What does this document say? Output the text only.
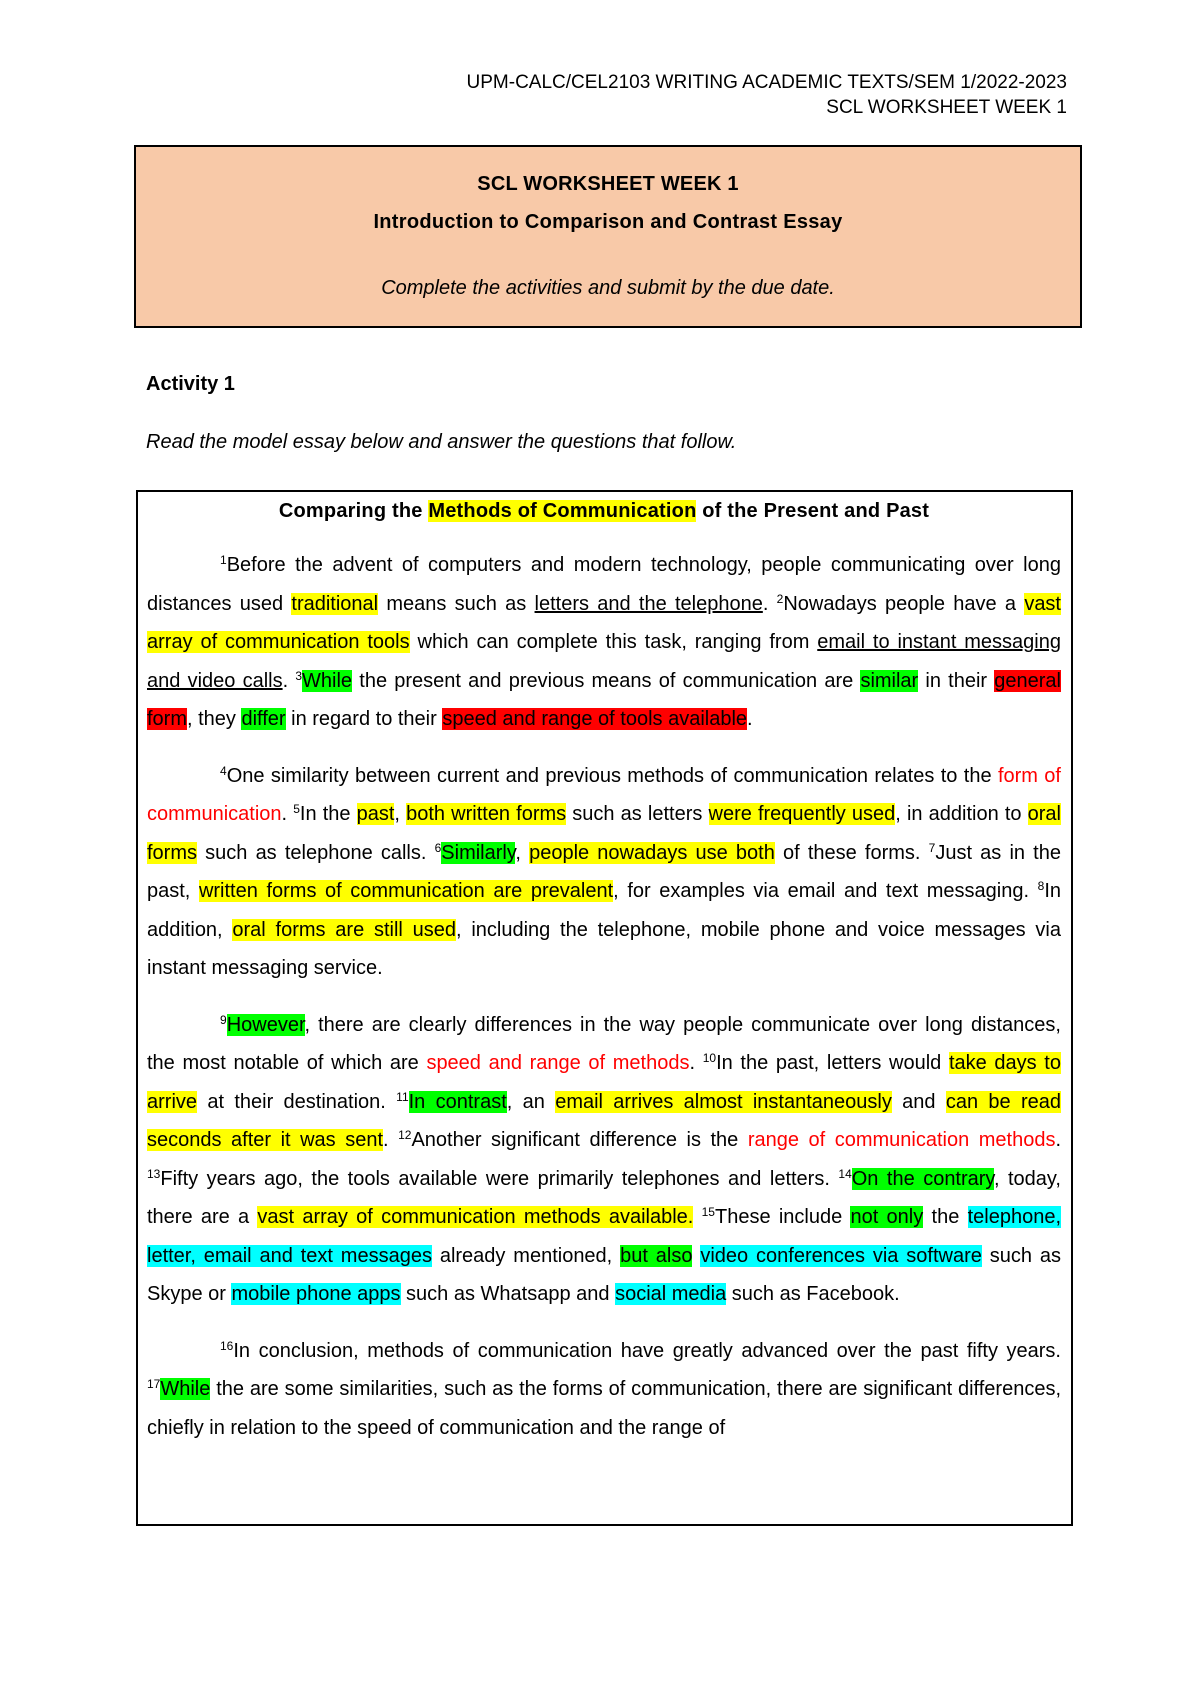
UPM-CALC/CEL2103 WRITING ACADEMIC TEXTS/SEM 1/2022-2023
SCL WORKSHEET WEEK 1
SCL WORKSHEET WEEK 1
Introduction to Comparison and Contrast Essay
Complete the activities and submit by the due date.
Activity 1
Read the model essay below and answer the questions that follow.
Comparing the Methods of Communication of the Present and Past

$^1$Before the advent of computers and modern technology, people communicating over long distances used traditional means such as letters and the telephone. $^2$Nowadays people have a vast array of communication tools which can complete this task, ranging from email to instant messaging and video calls. $^3$While the present and previous means of communication are similar in their general form, they differ in regard to their speed and range of tools available.

$^4$One similarity between current and previous methods of communication relates to the form of communication. $^5$In the past, both written forms such as letters were frequently used, in addition to oral forms such as telephone calls. $^6$Similarly, people nowadays use both of these forms. $^7$Just as in the past, written forms of communication are prevalent, for examples via email and text messaging. $^8$In addition, oral forms are still used, including the telephone, mobile phone and voice messages via instant messaging service.

$^9$However, there are clearly differences in the way people communicate over long distances, the most notable of which are speed and range of methods. $^{10}$In the past, letters would take days to arrive at their destination. $^{11}$In contrast, an email arrives almost instantaneously and can be read seconds after it was sent. $^{12}$Another significant difference is the range of communication methods. $^{13}$Fifty years ago, the tools available were primarily telephones and letters. $^{14}$On the contrary, today, there are a vast array of communication methods available. $^{15}$These include not only the telephone, letter, email and text messages already mentioned, but also video conferences via software such as Skype or mobile phone apps such as Whatsapp and social media such as Facebook.

$^{16}$In conclusion, methods of communication have greatly advanced over the past fifty years. $^{17}$While the are some similarities, such as the forms of communication, there are significant differences, chiefly in relation to the speed of communication and the range of
